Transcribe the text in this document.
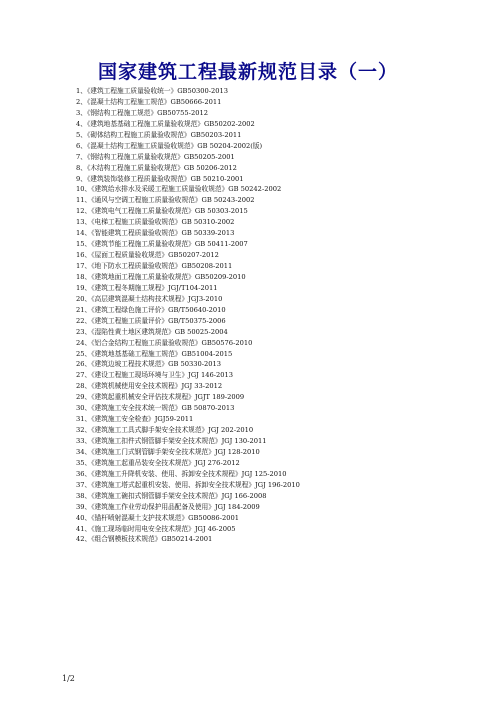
国家建筑工程最新规范目录（一）
1、《建筑工程施工质量验收统一》GB50300-2013
2、《混凝土结构工程施工规范》GB50666-2011
3、《钢结构工程施工规范》GB50755-2012
4、《建筑地基基础工程施工质量验收规范》GB50202-2002
5、《砌体结构工程施工质量验收规范》GB50203-2011
6、《混凝土结构工程施工质量验收规范》GB 50204-2002(版)
7、《钢结构工程施工质量验收规范》GB50205-2001
8、《木结构工程施工质量验收规范》GB 50206-2012
9、《建筑装饰装修工程质量验收规范》GB 50210-2001
10、《建筑给水排水及采暖工程施工质量验收规范》GB 50242-2002
11、《通风与空调工程施工质量验收规范》GB 50243-2002
12、《建筑电气工程施工质量验收规范》GB 50303-2015
13、《电梯工程施工质量验收规范》GB 50310-2002
14、《智能建筑工程质量验收规范》GB 50339-2013
15、《建筑节能工程施工质量验收规范》GB 50411-2007
16、《屋面工程质量验收规范》GB50207-2012
17、《地下防水工程质量验收规范》GB50208-2011
18、《建筑地面工程施工质量验收规范》GB50209-2010
19、《建筑工程冬期施工规程》JGJ/T104-2011
20、《高层建筑混凝土结构技术规程》JGJ3-2010
21、《建筑工程绿色施工评价》GB/T50640-2010
22、《建筑工程施工质量评价》GB/T50375-2006
23、《湿陷性黄土地区建筑规范》GB 50025-2004
24、《铝合金结构工程施工质量验收规范》GB50576-2010
25、《建筑地基基础工程施工规范》GB51004-2015
26、《建筑边坡工程技术规范》GB 50330-2013
27、《建设工程施工现场环境与卫生》JGJ 146-2013
28、《建筑机械使用安全技术规程》JGJ 33-2012
29、《建筑起重机械安全评估技术规程》JGJT 189-2009
30、《建筑施工安全技术统一规范》GB 50870-2013
31、《建筑施工安全检查》JGJ59-2011
32、《建筑施工工具式脚手架安全技术规范》JGJ 202-2010
33、《建筑施工扣件式钢管脚手架安全技术规范》JGJ 130-2011
34、《建筑施工门式钢管脚手架安全技术规范》JGJ 128-2010
35、《建筑施工起重吊装安全技术规范》JGJ 276-2012
36、《建筑施工升降机安装、使用、拆卸安全技术规程》JGJ 125-2010
37、《建筑施工塔式起重机安装、使用、拆卸安全技术规程》JGJ 196-2010
38、《建筑施工碗扣式钢管脚手架安全技术规范》JGJ 166-2008
39、《建筑施工作业劳动保护用品配备及使用》JGJ 184-2009
40、《锚杆喷射混凝土支护技术规范》GB50086-2001
41、《施工现场临时用电安全技术规范》JGJ 46-2005
42、《组合钢模板技术规范》GB50214-2001
1/2
